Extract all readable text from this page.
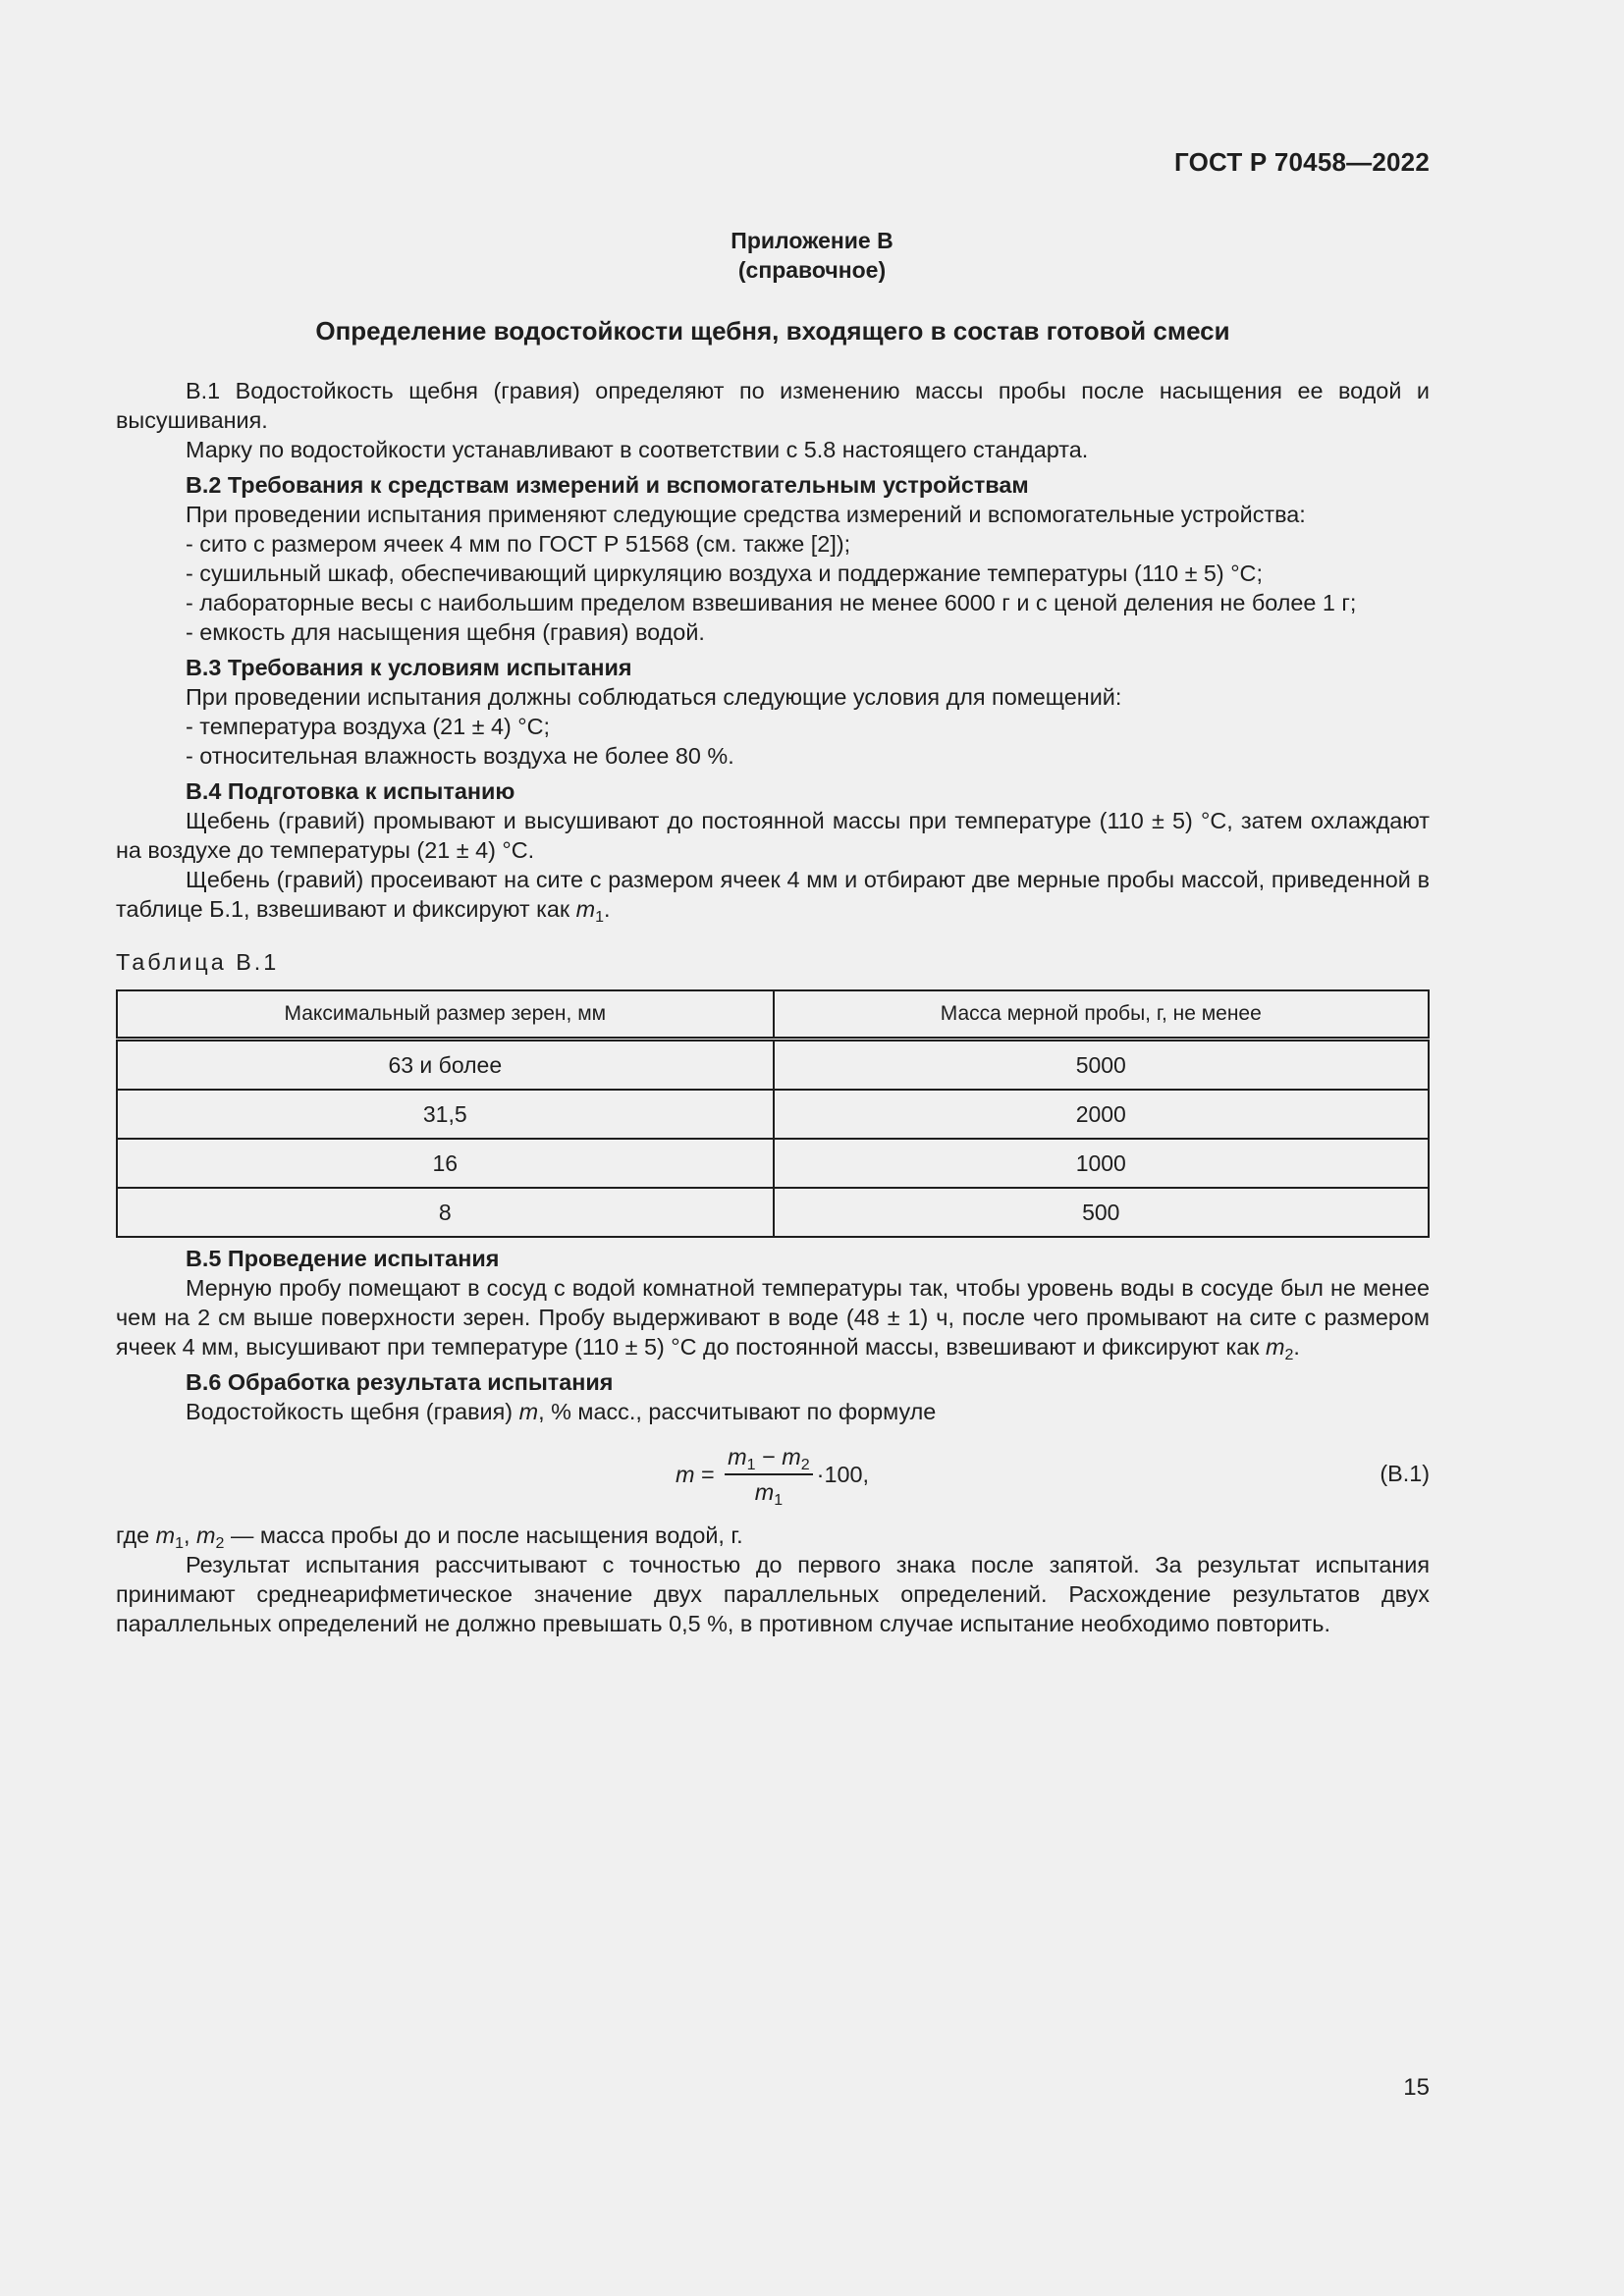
ГОСТ Р 70458—2022
Приложение В
(справочное)
Определение водостойкости щебня, входящего в состав готовой смеси

В.1 Водостойкость щебня (гравия) определяют по изменению массы пробы после насыщения ее водой и высушивания.

Марку по водостойкости устанавливают в соответствии с 5.8 настоящего стандарта.

В.2 Требования к средствам измерений и вспомогательным устройствам

При проведении испытания применяют следующие средства измерений и вспомогательные устройства:

- сито с размером ячеек 4 мм по ГОСТ Р 51568 (см. также [2]);

- сушильный шкаф, обеспечивающий циркуляцию воздуха и поддержание температуры (110 ± 5) °С;

- лабораторные весы с наибольшим пределом взвешивания не менее 6000 г и с ценой деления не более 1 г;

- емкость для насыщения щебня (гравия) водой.

В.3 Требования к условиям испытания

При проведении испытания должны соблюдаться следующие условия для помещений:

- температура воздуха (21 ± 4) °С;

- относительная влажность воздуха не более 80 %.

В.4 Подготовка к испытанию

Щебень (гравий) промывают и высушивают до постоянной массы при температуре (110 ± 5) °С, затем охлаждают на воздухе до температуры (21 ± 4) °С.

Щебень (гравий) просеивают на сите с размером ячеек 4 мм и отбирают две мерные пробы массой, приведенной в таблице Б.1, взвешивают и фиксируют как $m_1$.

Таблица В.1

Максимальный размер зерен, мм	Масса мерной пробы, г, не менее
63 и более	5000
31,5	2000
16	1000
8	500

В.5 Проведение испытания

Мерную пробу помещают в сосуд с водой комнатной температуры так, чтобы уровень воды в сосуде был не менее чем на 2 см выше поверхности зерен. Пробу выдерживают в воде (48 ± 1) ч, после чего промывают на сите с размером ячеек 4 мм, высушивают при температуре (110 ± 5) °С до постоянной массы, взвешивают и фиксируют как $m_2$.

В.6 Обработка результата испытания

Водостойкость щебня (гравия) m, % масс., рассчитывают по формуле

$m = \frac{m_1 - m_2}{m_1} \cdot 100$,	(В.1)

где $m_1$, $m_2$ — масса пробы до и после насыщения водой, г.

Результат испытания рассчитывают с точностью до первого знака после запятой. За результат испытания принимают среднеарифметическое значение двух параллельных определений. Расхождение результатов двух параллельных определений не должно превышать 0,5 %, в противном случае испытание необходимо повторить.

15
